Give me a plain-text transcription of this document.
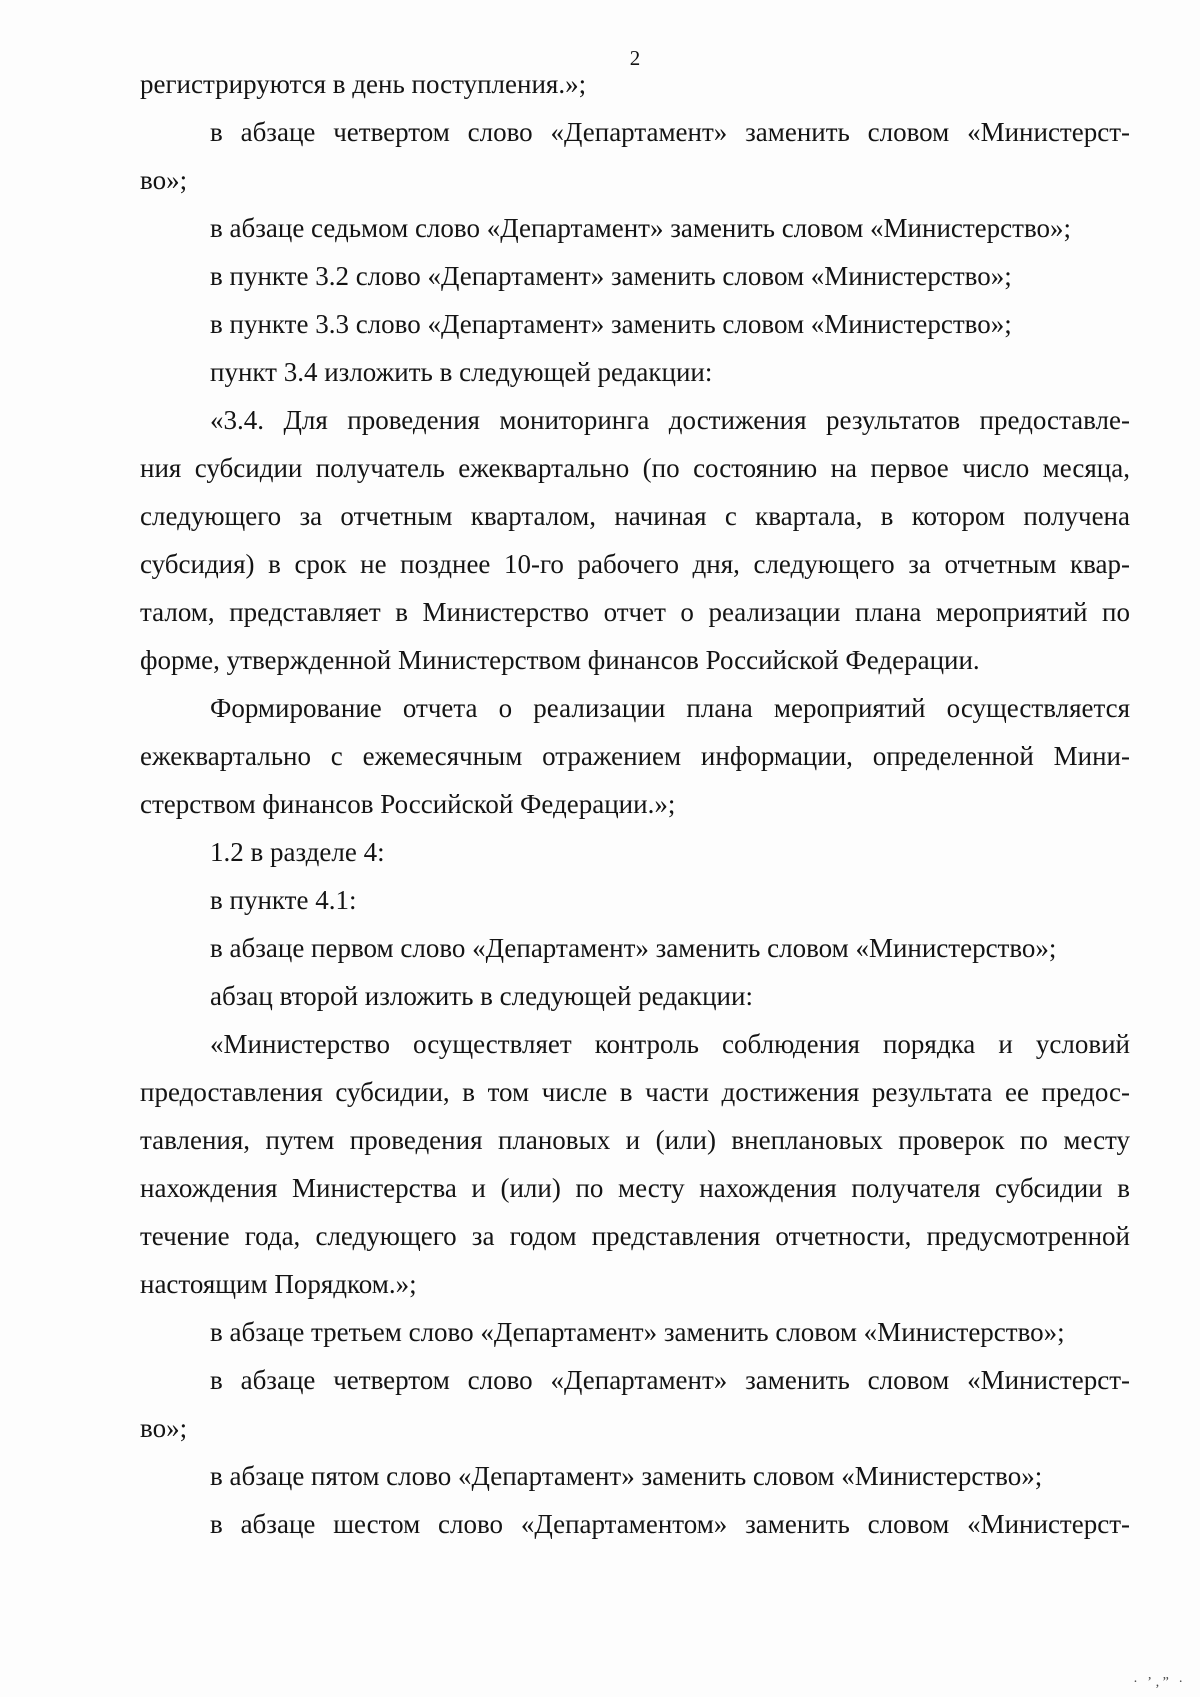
2
регистрируются в день поступления.»;
в абзаце четвертом слово «Департамент» заменить словом «Министерст-
во»;
в абзаце седьмом слово «Департамент» заменить словом «Министерство»;
в пункте 3.2 слово «Департамент» заменить словом «Министерство»;
в пункте 3.3 слово «Департамент» заменить словом «Министерство»;
пункт 3.4 изложить в следующей редакции:
«3.4. Для проведения мониторинга достижения результатов предоставле-
ния субсидии получатель ежеквартально (по состоянию на первое число месяца,
следующего за отчетным кварталом, начиная с квартала, в котором получена
субсидия) в срок не позднее 10-го рабочего дня, следующего за отчетным квар-
талом, представляет в Министерство отчет о реализации плана мероприятий по
форме, утвержденной Министерством финансов Российской Федерации.
Формирование отчета о реализации плана мероприятий осуществляется
ежеквартально с ежемесячным отражением информации, определенной Мини-
стерством финансов Российской Федерации.»;
1.2 в разделе 4:
в пункте 4.1:
в абзаце первом слово «Департамент» заменить словом «Министерство»;
абзац второй изложить в следующей редакции:
«Министерство осуществляет контроль соблюдения порядка и условий
предоставления субсидии, в том числе в части достижения результата ее предос-
тавления, путем проведения плановых и (или) внеплановых проверок по месту
нахождения Министерства и (или) по месту нахождения получателя субсидии в
течение года, следующего за годом представления отчетности, предусмотренной
настоящим Порядком.»;
в абзаце третьем слово «Департамент» заменить словом «Министерство»;
в абзаце четвертом слово «Департамент» заменить словом «Министерст-
во»;
в абзаце пятом слово «Департамент» заменить словом «Министерство»;
в абзаце шестом слово «Департаментом» заменить словом «Министерст-
· ’‚” ·
